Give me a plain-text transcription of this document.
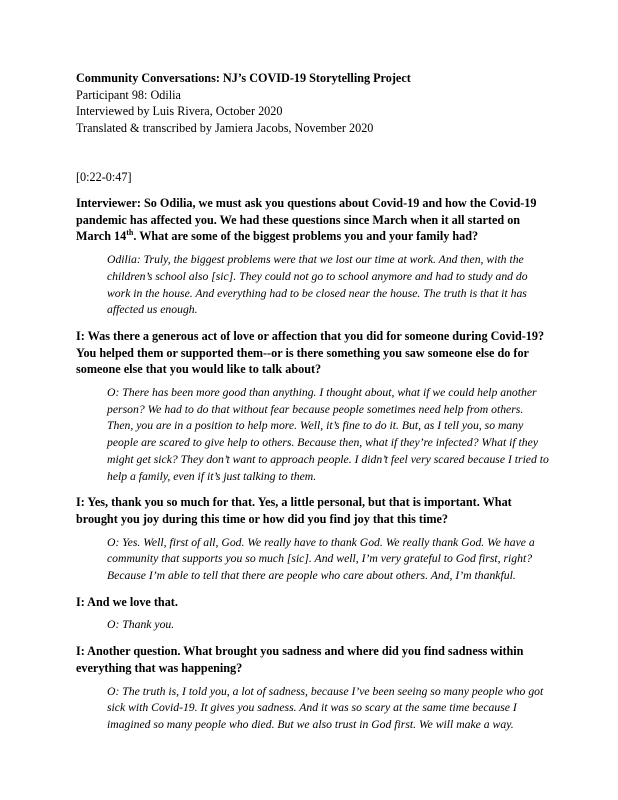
Community Conversations: NJ’s COVID-19 Storytelling Project
Participant 98: Odilia
Interviewed by Luis Rivera, October 2020
Translated & transcribed by Jamiera Jacobs, November 2020
[0:22-0:47]

Interviewer: So Odilia, we must ask you questions about Covid-19 and how the Covid-19 pandemic has affected you. We had these questions since March when it all started on March 14th. What are some of the biggest problems you and your family had?

Odilia: Truly, the biggest problems were that we lost our time at work. And then, with the children’s school also [sic]. They could not go to school anymore and had to study and do work in the house. And everything had to be closed near the house. The truth is that it has affected us enough.

I: Was there a generous act of love or affection that you did for someone during Covid-19? You helped them or supported them--or is there something you saw someone else do for someone else that you would like to talk about?

O: There has been more good than anything. I thought about, what if we could help another person? We had to do that without fear because people sometimes need help from others. Then, you are in a position to help more. Well, it’s fine to do it. But, as I tell you, so many people are scared to give help to others. Because then, what if they’re infected? What if they might get sick? They don’t want to approach people. I didn’t feel very scared because I tried to help a family, even if it’s just talking to them.

I: Yes, thank you so much for that. Yes, a little personal, but that is important. What brought you joy during this time or how did you find joy that this time?

O: Yes. Well, first of all, God. We really have to thank God. We really thank God. We have a community that supports you so much [sic]. And well, I’m very grateful to God first, right? Because I’m able to tell that there are people who care about others. And, I’m thankful.

I: And we love that.

O: Thank you.

I: Another question. What brought you sadness and where did you find sadness within everything that was happening?

O: The truth is, I told you, a lot of sadness, because I’ve been seeing so many people who got sick with Covid-19. It gives you sadness. And it was so scary at the same time because I imagined so many people who died. But we also trust in God first. We will make a way.
